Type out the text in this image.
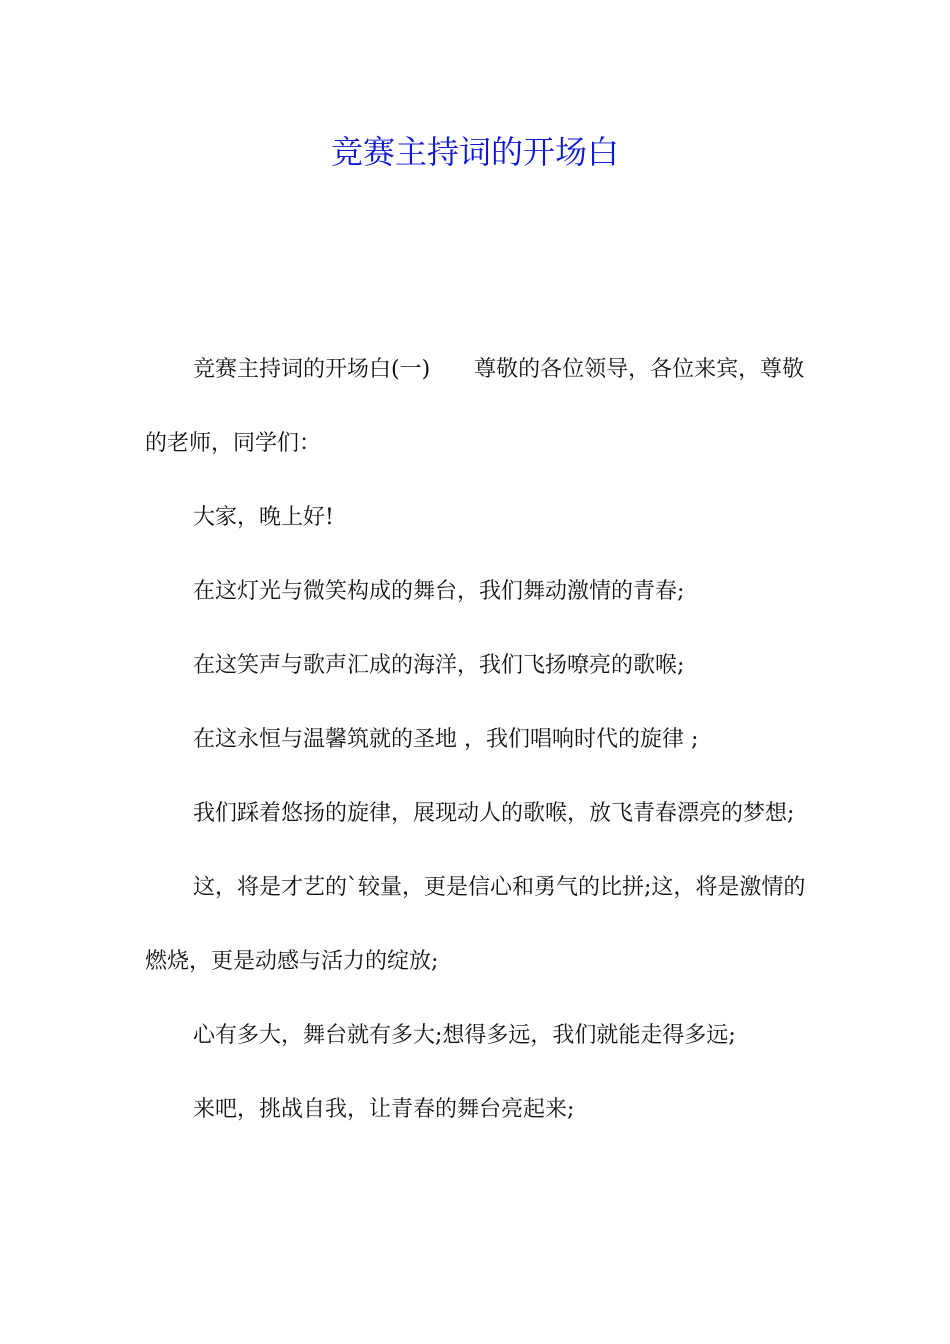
竞赛主持词的开场白

竞赛主持词的开场白(一)　　尊敬的各位领导，各位来宾，尊敬的老师，同学们：

大家，晚上好!

在这灯光与微笑构成的舞台，我们舞动激情的青春;

在这笑声与歌声汇成的海洋，我们飞扬嘹亮的歌喉;

在这永恒与温馨筑就的圣地 ，我们唱响时代的旋律 ;

我们踩着悠扬的旋律，展现动人的歌喉，放飞青春漂亮的梦想;

这，将是才艺的`较量，更是信心和勇气的比拼;这，将是激情的燃烧，更是动感与活力的绽放;

心有多大，舞台就有多大;想得多远，我们就能走得多远;

来吧，挑战自我，让青春的舞台亮起来;
